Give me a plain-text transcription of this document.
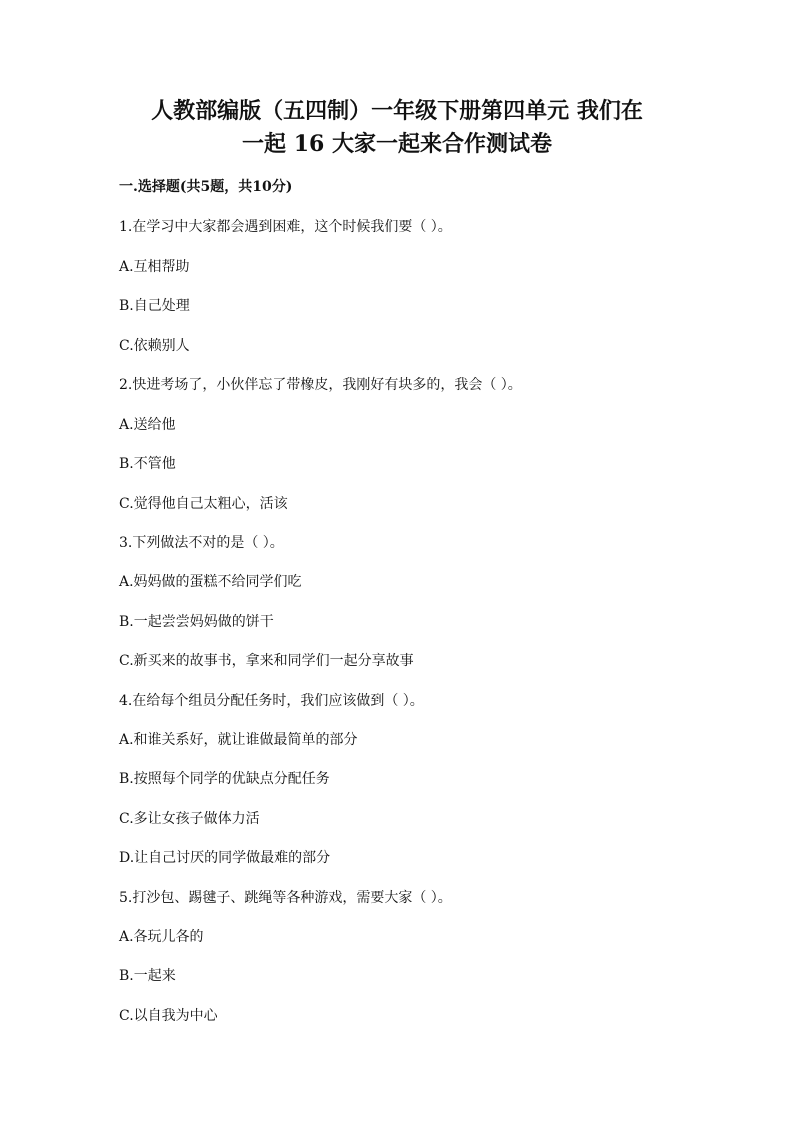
人教部编版（五四制）一年级下册第四单元 我们在
一起 16 大家一起来合作测试卷
一.选择题(共5题，共10分)
1.在学习中大家都会遇到困难，这个时候我们要（ ）。
A.互相帮助
B.自己处理
C.依赖别人
2.快进考场了，小伙伴忘了带橡皮，我刚好有块多的，我会（ ）。
A.送给他
B.不管他
C.觉得他自己太粗心，活该
3.下列做法不对的是（ ）。
A.妈妈做的蛋糕不给同学们吃
B.一起尝尝妈妈做的饼干
C.新买来的故事书，拿来和同学们一起分享故事
4.在给每个组员分配任务时，我们应该做到（ ）。
A.和谁关系好，就让谁做最简单的部分
B.按照每个同学的优缺点分配任务
C.多让女孩子做体力活
D.让自己讨厌的同学做最难的部分
5.打沙包、踢毽子、跳绳等各种游戏，需要大家（ ）。
A.各玩儿各的
B.一起来
C.以自我为中心
